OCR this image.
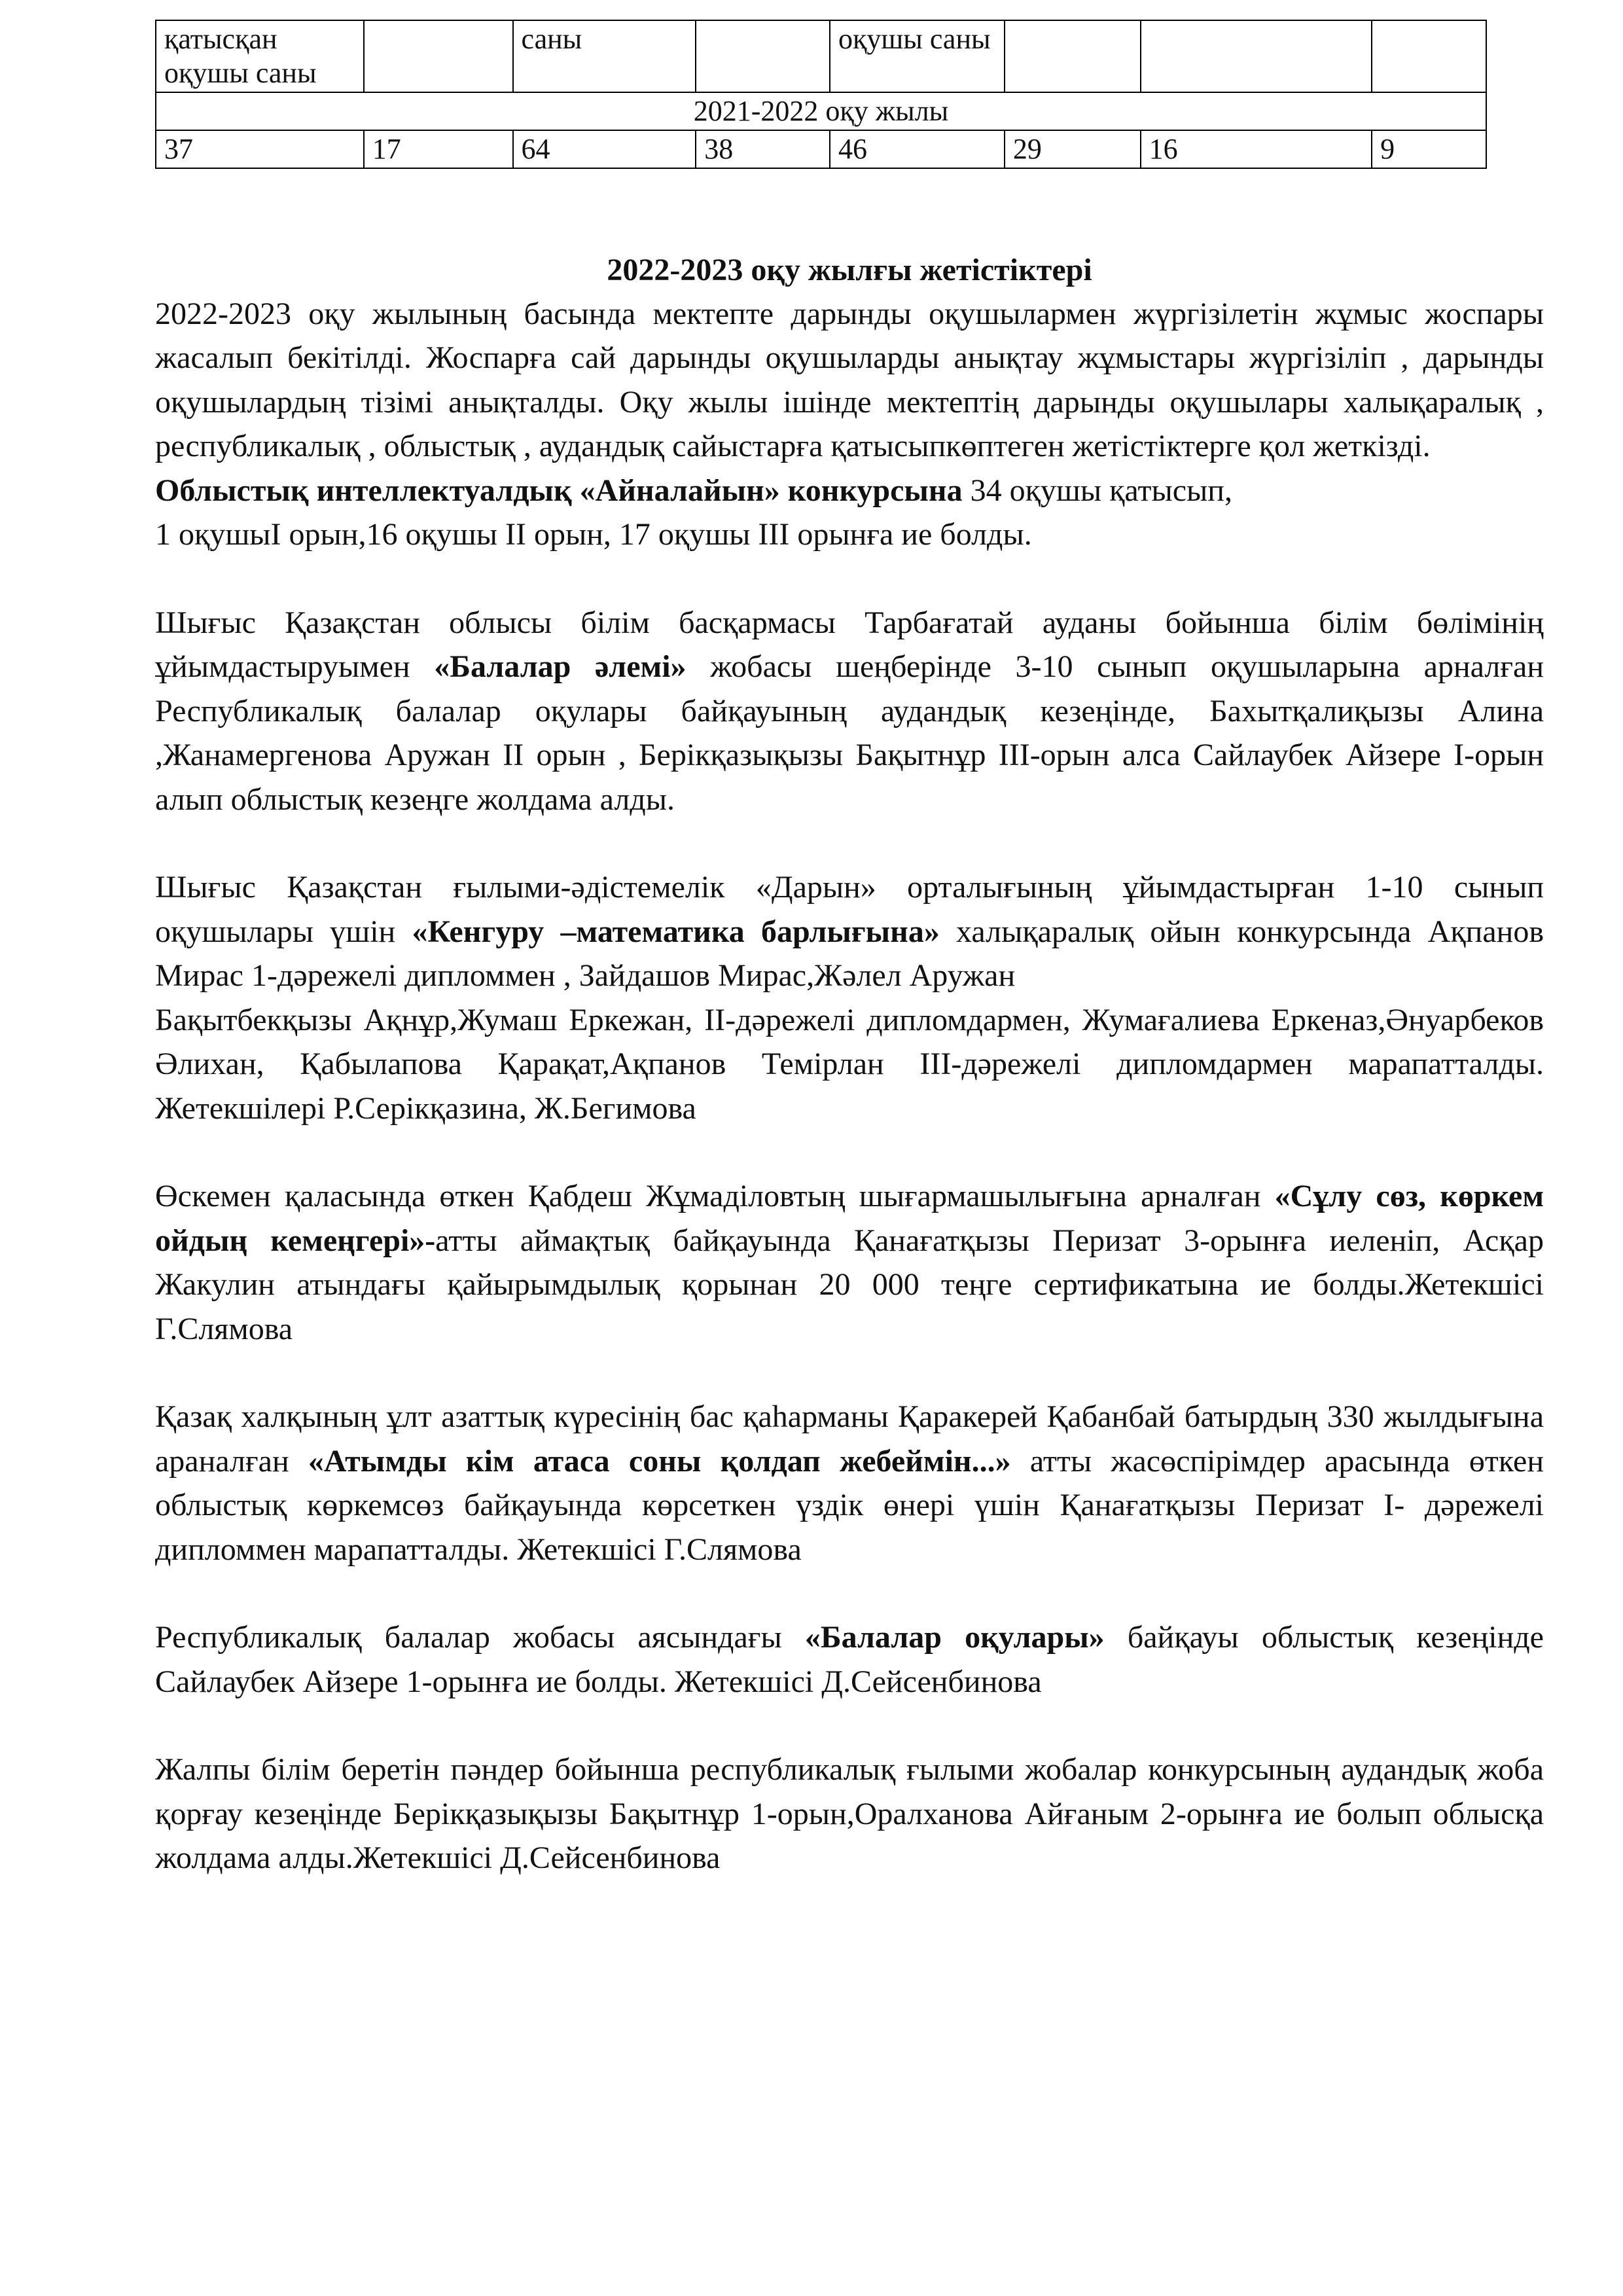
қатысқан оқушы саны		саны		оқушы саны			
2021-2022 оқу жылы							
37	17	64	38	46	29	16	9
2022-2023 оқу жылғы жетістіктері

2022-2023 оқу жылының басында мектепте дарынды оқушылармен жүргізілетін жұмыс жоспары жасалып бекітілді. Жоспарға сай дарынды оқушыларды анықтау жұмыстары жүргізіліп , дарынды оқушылардың тізімі анықталды. Оқу жылы ішінде мектептің дарынды оқушылары халықаралық , республикалық , облыстық , аудандық сайыстарға қатысыпкөптеген жетістіктерге қол жеткізді.

Облыстық интеллектуалдық «Айналайын» конкурсына 34 оқушы қатысып,
1 оқушыI орын,16 оқушы II орын, 17 оқушы III орынға ие болды.

Шығыс Қазақстан облысы білім басқармасы Тарбағатай ауданы бойынша білім бөлімінің ұйымдастыруымен «Балалар әлемі» жобасы шеңберінде 3-10 сынып оқушыларына арналған Республикалық балалар оқулары байқауының аудандық кезеңінде, Бахытқалиқызы Алина ,Жанамергенова Аружан II орын , Берікқазықызы Бақытнұр III-орын алса Сайлаубек Айзере I-орын алып облыстық кезеңге жолдама алды.

Шығыс Қазақстан ғылыми-әдістемелік «Дарын» орталығының ұйымдастырған 1-10 сынып оқушылары үшін «Кенгуру –математика барлығына» халықаралық ойын конкурсында Ақпанов Мирас 1-дәрежелі дипломмен , Зайдашов Мирас,Жәлел Аружан

Бақытбекқызы Ақнұр,Жумаш Еркежан, II-дәрежелі дипломдармен, Жумағалиева Еркеназ,Әнуарбеков Әлихан, Қабылапова Қарақат,Ақпанов Темірлан III-дәрежелі дипломдармен марапатталды. Жетекшілері Р.Серікқазина, Ж.Бегимова

Өскемен қаласында өткен Қабдеш Жұмаділовтың шығармашылығына арналған «Сұлу сөз, көркем ойдың кемеңгері»-атты аймақтық байқауында Қанағатқызы Перизат 3-орынға иеленіп, Асқар Жакулин атындағы қайырымдылық қорынан 20 000 теңге сертификатына ие болды.Жетекшісі Г.Слямова

Қазақ халқының ұлт азаттық күресінің бас қаһарманы Қаракерей Қабанбай батырдың 330 жылдығына араналған «Атымды кім атаса соны қолдап жебеймін...» атты жасөспірімдер арасында өткен облыстық көркемсөз байқауында көрсеткен үздік өнері үшін Қанағатқызы Перизат I- дәрежелі дипломмен марапатталды. Жетекшісі Г.Слямова

Республикалық балалар жобасы аясындағы «Балалар оқулары» байқауы облыстық кезеңінде Сайлаубек Айзере 1-орынға ие болды. Жетекшісі Д.Сейсенбинова

Жалпы білім беретін пәндер бойынша республикалық ғылыми жобалар конкурсының аудандық жоба қорғау кезеңінде Берікқазықызы Бақытнұр 1-орын,Оралханова Айғаным 2-орынға ие болып облысқа жолдама алды.Жетекшісі Д.Сейсенбинова
